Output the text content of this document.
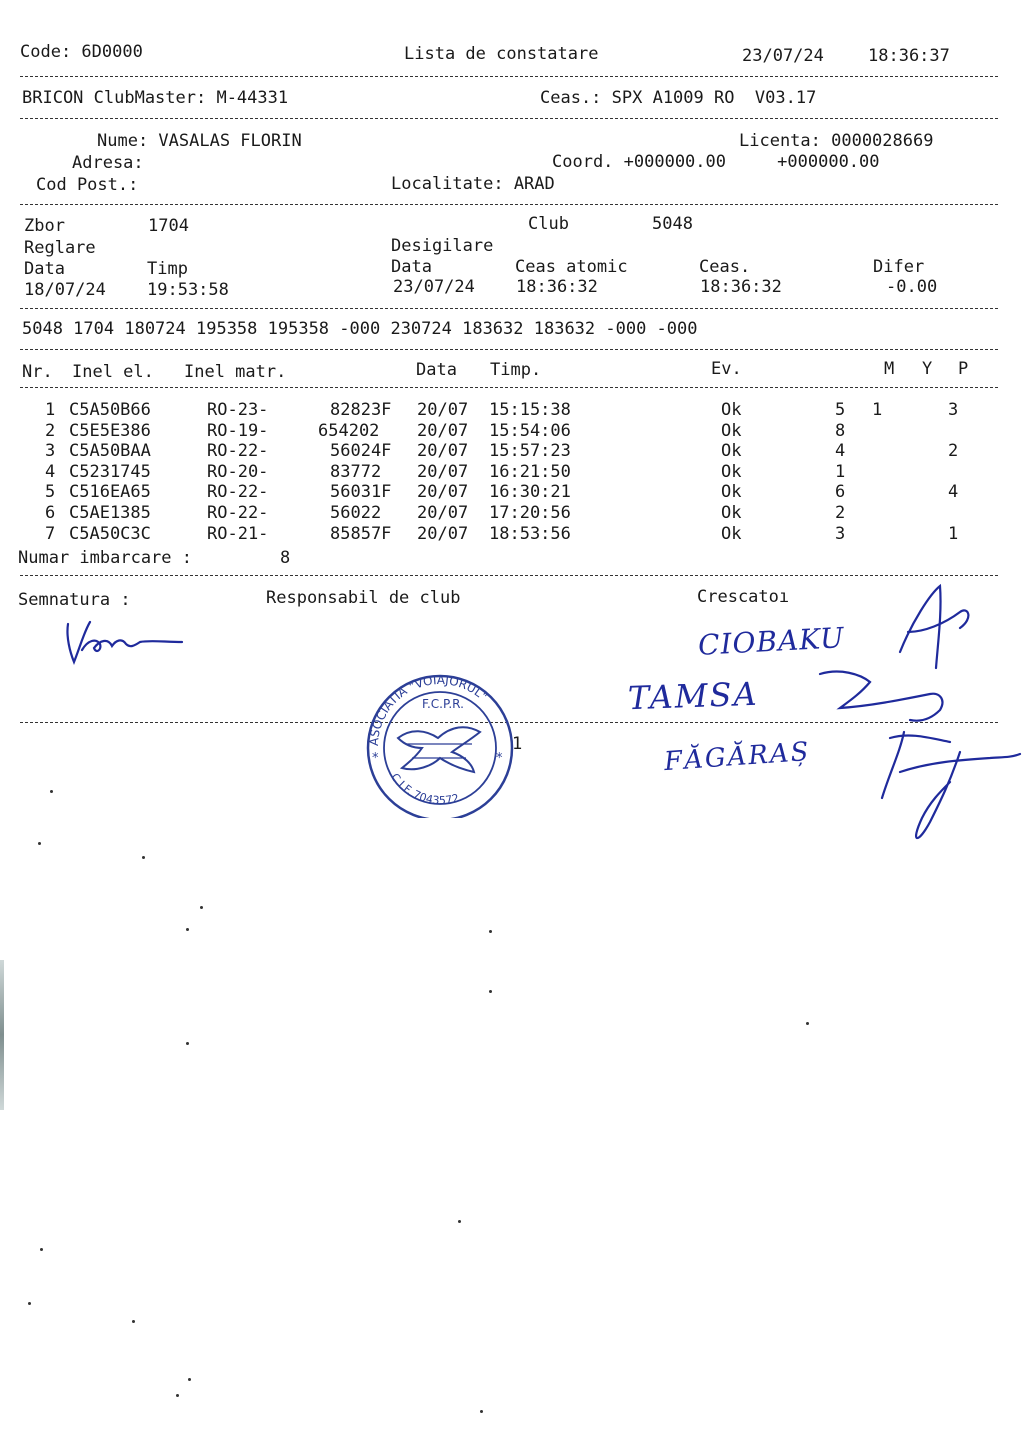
Code: 6D0000	Lista de constatare	23/07/24	18:36:37
BRICON ClubMaster: M-44331	Ceas.: SPX A1009 RO  V03.17
Nume: VASALAS FLORIN	Licenta: 0000028669
Adresa:	Coord. +000000.00     +000000.00
Cod Post.:	Localitate: ARAD
Zbor	1704	Club	5048
Reglare	Desigilare
Data	Timp	Data	Ceas atomic	Ceas.	Difer
18/07/24 19:53:58	23/07/24 18:36:32	18:36:32	-0.00
5048 1704 180724 195358 195358 -000 230724 183632 183632 -000 -000
Nr. Inel el. Inel matr.	Data Timp.	Ev.	M Y P
1 C5A50B66	RO-23-	82823F 20/07 15:15:38	Ok	5 1	3
2 C5E5E386	RO-19-	654202 20/07 15:54:06	Ok	8
3 C5A50BAA	RO-22-	56024F 20/07 15:57:23	Ok	4	2
4 C5231745	RO-20-	83772 20/07 16:21:50	Ok	1
5 C516EA65	RO-22-	56031F 20/07 16:30:21	Ok	6	4
6 C5AE1385	RO-22-	56022 20/07 17:20:56	Ok	2
7 C5A50C3C	RO-21-	85857F 20/07 18:53:56	Ok	3	1
Numar imbarcare :	8
Semnatura :	Responsabil de club	Crescatoı
ASOCIATIA "VOIAJORUL"
F.C.P.R.
C.I.F. 7043572
*	*
1
CIOBAKU
TAMSA
FĂGĂRAȘ
